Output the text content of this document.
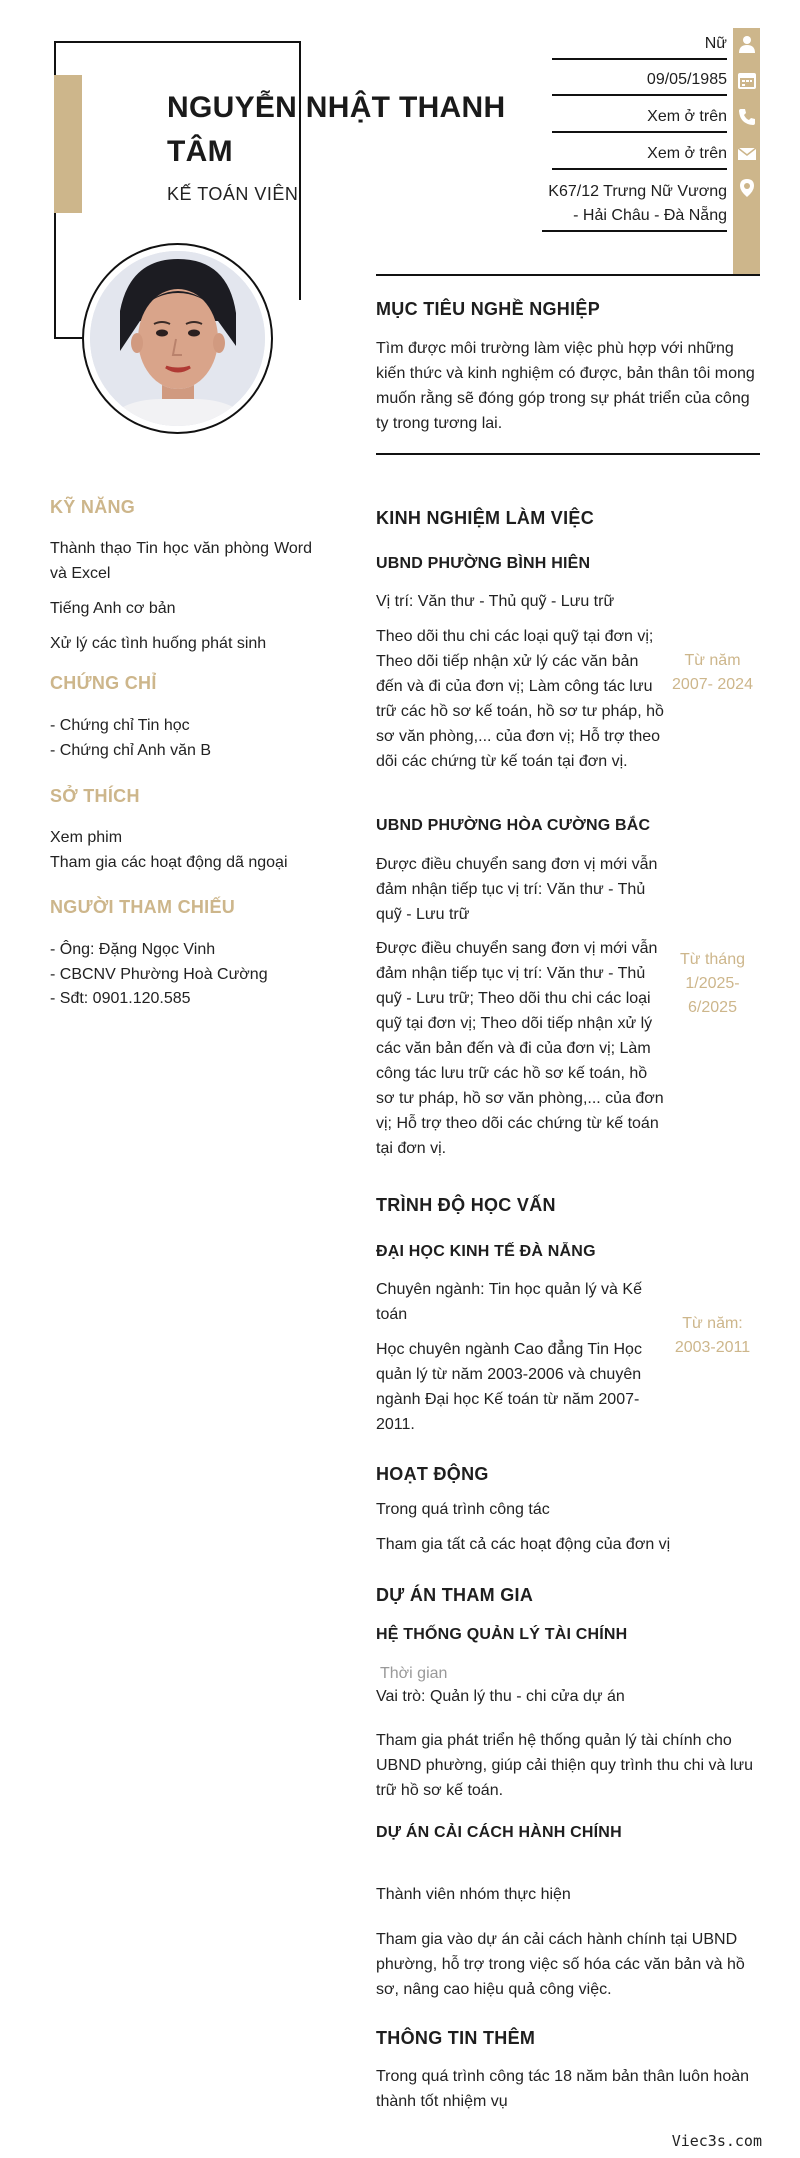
NGUYỄN NHẬT THANH TÂM
KẾ TOÁN VIÊN
Nữ
09/05/1985
Xem ở trên
Xem ở trên
K67/12 Trưng Nữ Vương - Hải Châu - Đà Nẵng
MỤC TIÊU NGHỀ NGHIỆP
Tìm được môi trường làm việc phù hợp với những kiến thức và kinh nghiệm có được, bản thân tôi mong muốn rằng sẽ đóng góp trong sự phát triển của công ty trong tương lai.
KỸ NĂNG
Thành thạo Tin học văn phòng Word và Excel
Tiếng Anh cơ bản
Xử lý các tình huống phát sinh
CHỨNG CHỈ
- Chứng chỉ Tin học
- Chứng chỉ Anh văn B
SỞ THÍCH
Xem phim
Tham gia các hoạt động dã ngoại
NGƯỜI THAM CHIẾU
- Ông: Đặng Ngọc Vinh
- CBCNV Phường Hoà Cường
- Sđt: 0901.120.585
KINH NGHIỆM LÀM VIỆC
UBND PHƯỜNG BÌNH HIÊN
Vị trí: Văn thư - Thủ quỹ - Lưu trữ
Theo dõi thu chi các loại quỹ tại đơn vị; Theo dõi tiếp nhận xử lý các văn bản đến và đi của đơn vị; Làm công tác lưu trữ các hồ sơ kế toán, hồ sơ tư pháp, hồ sơ văn phòng,... của đơn vị; Hỗ trợ theo dõi các chứng từ kế toán tại đơn vị.
Từ năm 2007- 2024
UBND PHƯỜNG HÒA CƯỜNG BẮC
Được điều chuyển sang đơn vị mới vẫn đảm nhận tiếp tục vị trí: Văn thư - Thủ quỹ - Lưu trữ
Được điều chuyển sang đơn vị mới vẫn đảm nhận tiếp tục vị trí: Văn thư - Thủ quỹ - Lưu trữ; Theo dõi thu chi các loại quỹ tại đơn vị; Theo dõi tiếp nhận xử lý các văn bản đến và đi của đơn vị; Làm công tác lưu trữ các hồ sơ kế toán, hồ sơ tư pháp, hồ sơ văn phòng,... của đơn vị; Hỗ trợ theo dõi các chứng từ kế toán tại đơn vị.
Từ tháng 1/2025- 6/2025
TRÌNH ĐỘ HỌC VẤN
ĐẠI HỌC KINH TẾ ĐÀ NẴNG
Chuyên ngành: Tin học quản lý và Kế toán
Học chuyên ngành Cao đẳng Tin Học quản lý từ năm 2003-2006 và chuyên ngành Đại học Kế toán từ năm 2007-2011.
Từ năm: 2003-2011
HOẠT ĐỘNG
Trong quá trình công tác
Tham gia tất cả các hoạt động của đơn vị
DỰ ÁN THAM GIA
HỆ THỐNG QUẢN LÝ TÀI CHÍNH
Thời gian
Vai trò: Quản lý thu - chi cửa dự án
Tham gia phát triển hệ thống quản lý tài chính cho UBND phường, giúp cải thiện quy trình thu chi và lưu trữ hồ sơ kế toán.
DỰ ÁN CẢI CÁCH HÀNH CHÍNH
Thành viên nhóm thực hiện
Tham gia vào dự án cải cách hành chính tại UBND phường, hỗ trợ trong việc số hóa các văn bản và hồ sơ, nâng cao hiệu quả công việc.
THÔNG TIN THÊM
Trong quá trình công tác 18 năm bản thân luôn hoàn thành tốt nhiệm vụ
Viec3s.com
